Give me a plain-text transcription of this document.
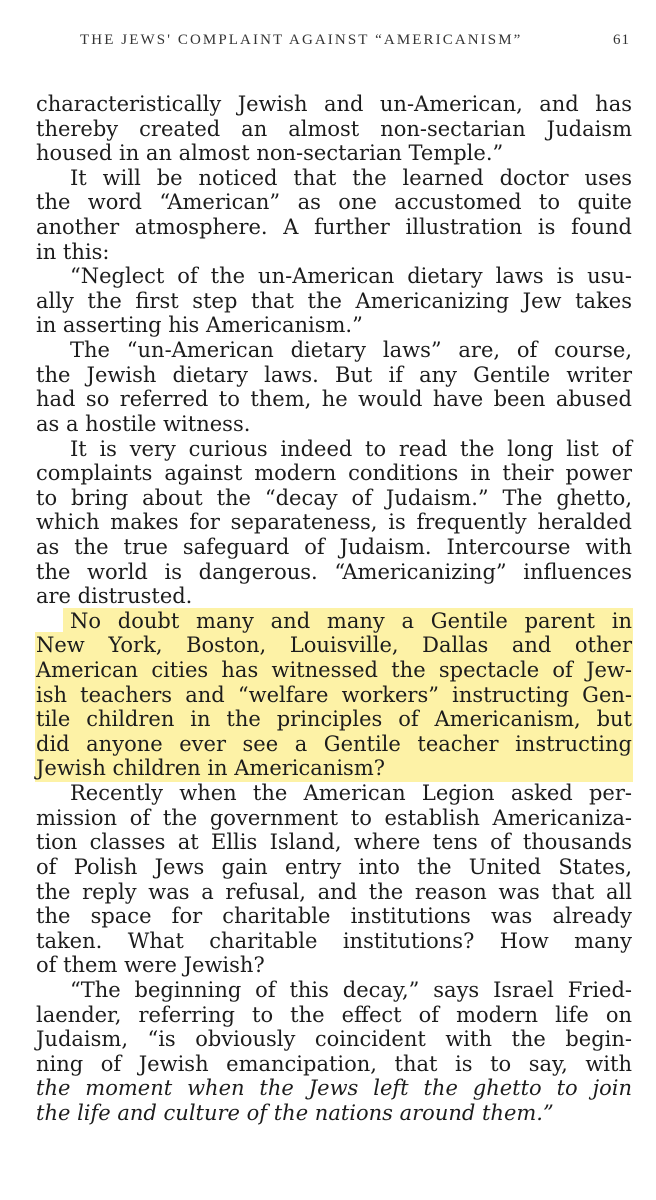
THE JEWS' COMPLAINT AGAINST “AMERICANISM”	61
characteristically Jewish and un-American, and has
thereby created an almost non-sectarian Judaism
housed in an almost non-sectarian Temple.”
It will be noticed that the learned doctor uses
the word “American” as one accustomed to quite
another atmosphere. A further illustration is found
in this:
“Neglect of the un-American dietary laws is usu-
ally the first step that the Americanizing Jew takes
in asserting his Americanism.”
The “un-American dietary laws” are, of course,
the Jewish dietary laws. But if any Gentile writer
had so referred to them, he would have been abused
as a hostile witness.
It is very curious indeed to read the long list of
complaints against modern conditions in their power
to bring about the “decay of Judaism.” The ghetto,
which makes for separateness, is frequently heralded
as the true safeguard of Judaism. Intercourse with
the world is dangerous. “Americanizing” influences
are distrusted.
No doubt many and many a Gentile parent in
New York, Boston, Louisville, Dallas and other
American cities has witnessed the spectacle of Jew-
ish teachers and “welfare workers” instructing Gen-
tile children in the principles of Americanism, but
did anyone ever see a Gentile teacher instructing
Jewish children in Americanism?
Recently when the American Legion asked per-
mission of the government to establish Americaniza-
tion classes at Ellis Island, where tens of thousands
of Polish Jews gain entry into the United States,
the reply was a refusal, and the reason was that all
the space for charitable institutions was already
taken. What charitable institutions? How many
of them were Jewish?
“The beginning of this decay,” says Israel Fried-
laender, referring to the effect of modern life on
Judaism, “is obviously coincident with the begin-
ning of Jewish emancipation, that is to say, with
the moment when the Jews left the ghetto to join
the life and culture of the nations around them.”
